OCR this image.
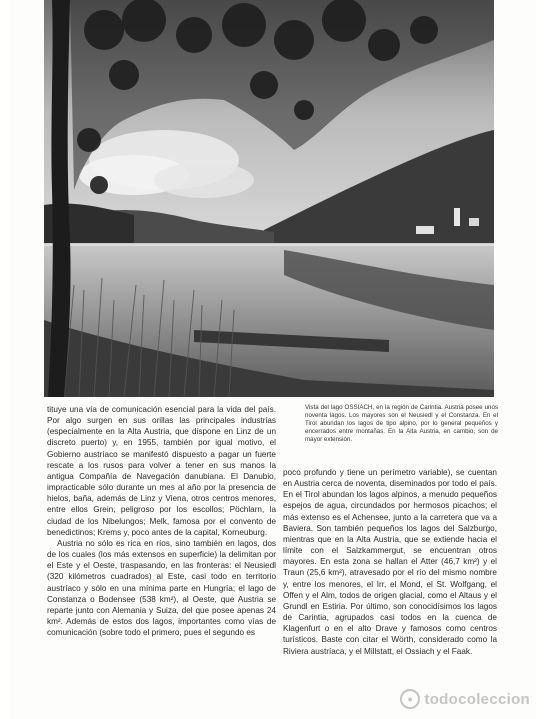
tituye una vía de comunicación esencial para la vida del país. Por algo surgen en sus orillas las principales industrias (especialmente en la Alta Austria, que dispone en Linz de un discreto puerto) y, en 1955, también por igual motivo, el Gobierno austríaco se manifestó dispuesto a pagar un fuerte rescate a los rusos para volver a tener en sus manos la antigua Compañía de Navegación danubiana. El Danubio, impracticable sólo durante un mes al año por la presencia de hielos, baña, además de Linz y Viena, otros centros menores, entre ellos Grein, peligroso por los escollos; Pöchlarn, la ciudad de los Nibelungos; Melk, famosa por el convento de benedictinos; Krems y, poco antes de la capital, Korneuburg.

Austria no sólo es rica en ríos, sino también en lagos, dos de los cuales (los más extensos en superficie) la delimitan por el Este y el Oeste, traspasando, en las fronteras: el Neusiedl (320 kilómetros cuadrados) al Este, casi todo en territorio austríaco y sólo en una mínima parte en Hungría; el lago de Constanza o Bodensee (538 km²), al Oeste, que Austria se reparte junto con Alemania y Suiza, del que posee apenas 24 km². Además de estos dos lagos, importantes como vías de comunicación (sobre todo el primero, pues el segundo es

Vista del lago OSSIACH, en la región de Carintia. Austria posee unos noventa lagos. Los mayores son el Neusiedl y el Constanza. En el Tirol abundan los lagos de tipo alpino, por lo general pequeños y encerrados entre montañas. En la Alta Austria, en cambio, son de mayor extensión.

poco profundo y tiene un perímetro variable), se cuentan en Austria cerca de noventa, diseminados por todo el país. En el Tirol abundan los lagos alpinos, a menudo pequeños espejos de agua, circundados por hermosos picachos; el más extenso es el Achensee, junto a la carretera que va a Baviera. Son también pequeños los lagos del Salzburgo, mientras que en la Alta Austria, que se extiende hacia el límite con el Salzkammergut, se encuentran otros mayores. En esta zona se hallan el Atter (46,7 km²) y el Traun (25,6 km²), atravesado por el río del mismo nombre y, entre los menores, el Irr, el Mond, el St. Wolfgang, el Offen y el Alm, todos de origen glacial, como el Altaus y el Grundl en Estiria. Por último, son conocidísimos los lagos de Carintia, agrupados casi todos en la cuenca de Klagenfurt o en el alto Drave y famosos como centros turísticos. Baste con citar el Wörth, considerado como la Riviera austríaca, y el Millstatt, el Ossiach y el Faak.

● todocoleccion
